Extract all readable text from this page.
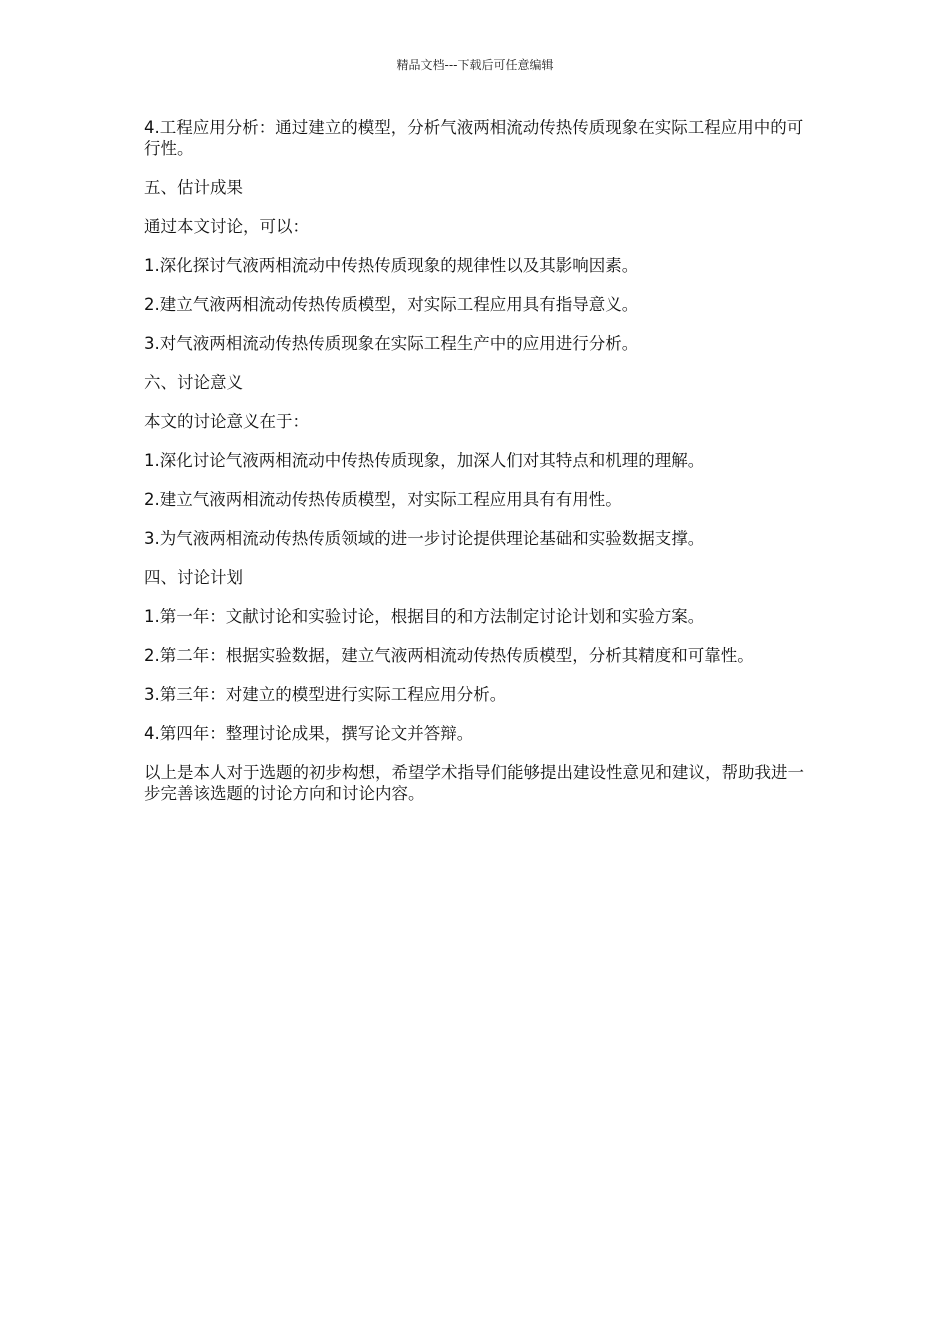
精品文档---下载后可任意编辑

4.工程应用分析：通过建立的模型，分析气液两相流动传热传质现象在实际工程应用中的可行性。

五、估计成果

通过本文讨论，可以：

1.深化探讨气液两相流动中传热传质现象的规律性以及其影响因素。

2.建立气液两相流动传热传质模型，对实际工程应用具有指导意义。

3.对气液两相流动传热传质现象在实际工程生产中的应用进行分析。

六、讨论意义

本文的讨论意义在于：

1.深化讨论气液两相流动中传热传质现象，加深人们对其特点和机理的理解。

2.建立气液两相流动传热传质模型，对实际工程应用具有有用性。

3.为气液两相流动传热传质领域的进一步讨论提供理论基础和实验数据支撑。

四、讨论计划

1.第一年：文献讨论和实验讨论，根据目的和方法制定讨论计划和实验方案。

2.第二年：根据实验数据，建立气液两相流动传热传质模型，分析其精度和可靠性。

3.第三年：对建立的模型进行实际工程应用分析。

4.第四年：整理讨论成果，撰写论文并答辩。

以上是本人对于选题的初步构想，希望学术指导们能够提出建设性意见和建议，帮助我进一步完善该选题的讨论方向和讨论内容。
